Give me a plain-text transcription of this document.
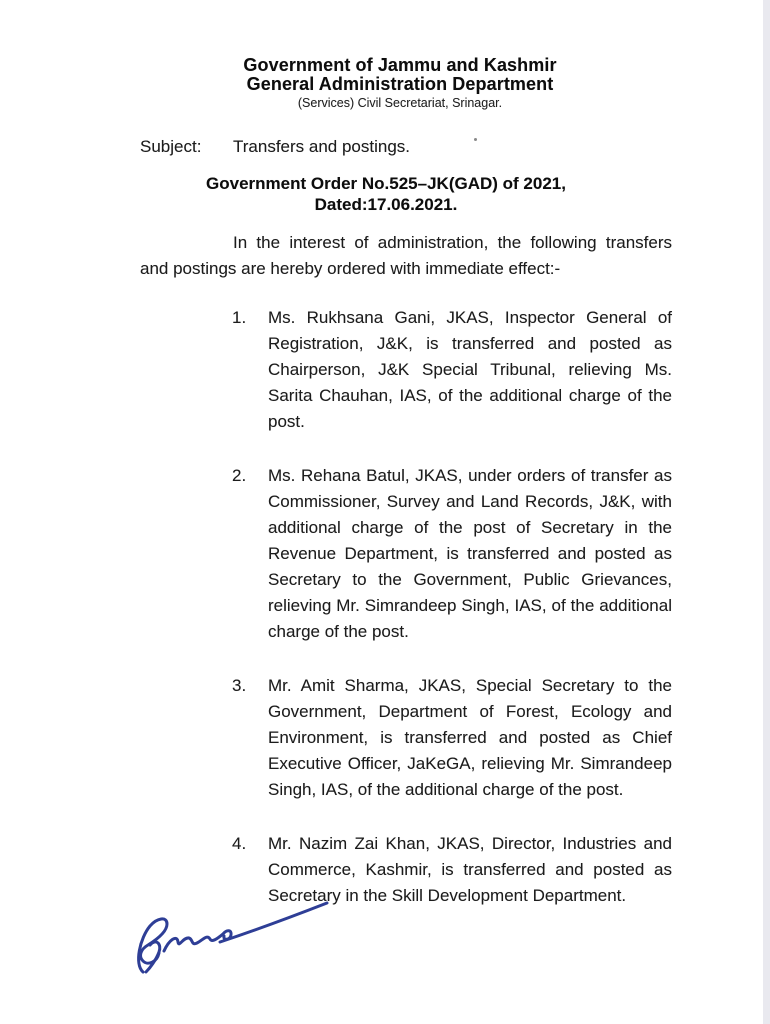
Government of Jammu and Kashmir
General Administration Department
(Services) Civil Secretariat, Srinagar.
Subject: Transfers and postings.
Government Order No.525–JK(GAD) of 2021,
Dated:17.06.2021.
In the interest of administration, the following transfers and postings are hereby ordered with immediate effect:-
1.	Ms. Rukhsana Gani, JKAS, Inspector General of Registration, J&K, is transferred and posted as Chairperson, J&K Special Tribunal, relieving Ms. Sarita Chauhan, IAS, of the additional charge of the post.
2.	Ms. Rehana Batul, JKAS, under orders of transfer as Commissioner, Survey and Land Records, J&K, with additional charge of the post of Secretary in the Revenue Department, is transferred and posted as Secretary to the Government, Public Grievances, relieving Mr. Simrandeep Singh, IAS, of the additional charge of the post.
3.	Mr. Amit Sharma, JKAS, Special Secretary to the Government, Department of Forest, Ecology and Environment, is transferred and posted as Chief Executive Officer, JaKeGA, relieving Mr. Simrandeep Singh, IAS, of the additional charge of the post.
4.	Mr. Nazim Zai Khan, JKAS, Director, Industries and Commerce, Kashmir, is transferred and posted as Secretary in the Skill Development Department.
